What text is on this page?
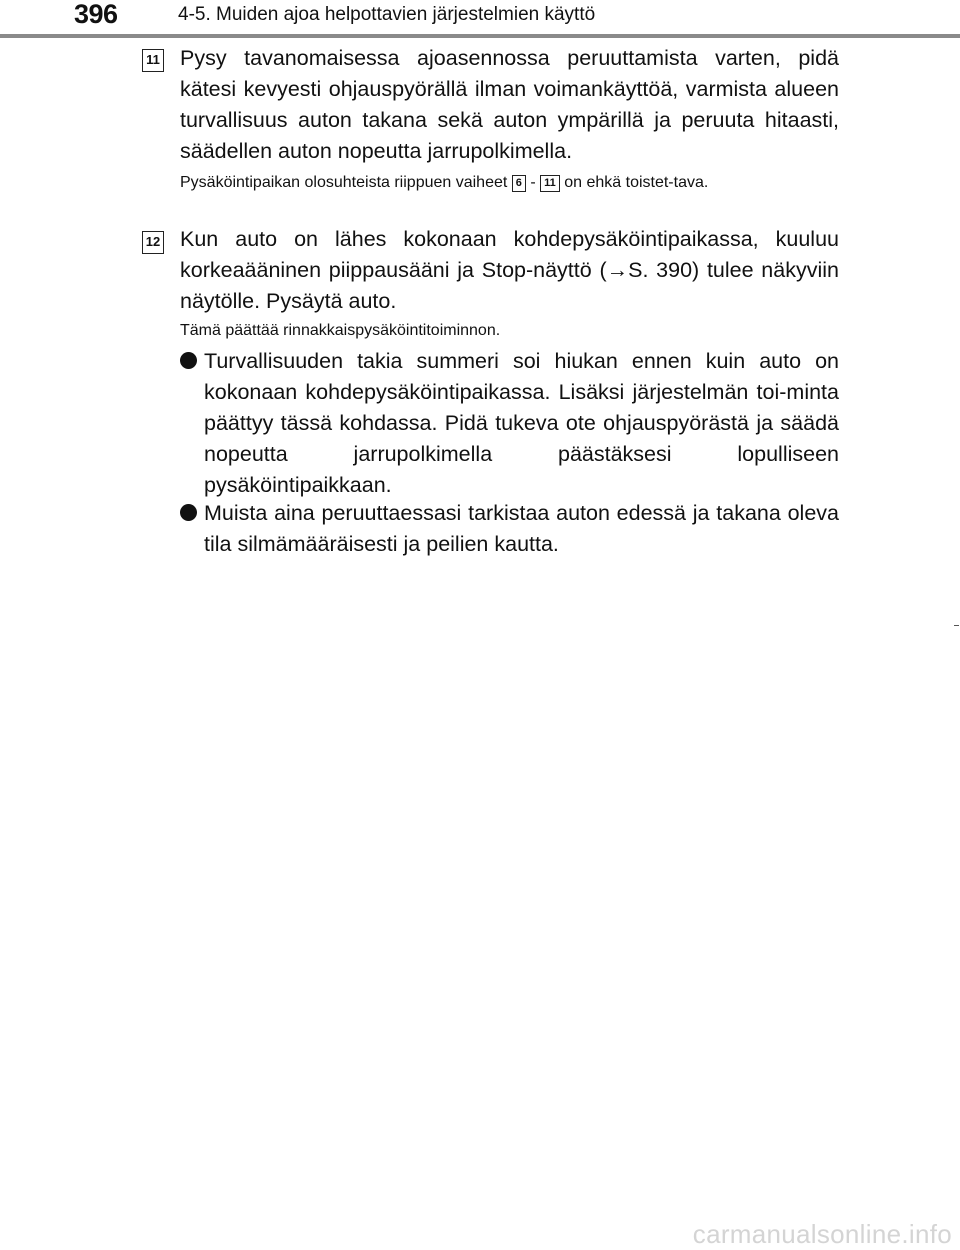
396	4-5. Muiden ajoa helpottavien järjestelmien käyttö
11 Pysy tavanomaisessa ajoasennossa peruuttamista varten, pidä kätesi kevyesti ohjauspyörällä ilman voimankäyttöä, varmista alueen turvallisuus auton takana sekä auton ympärillä ja peruuta hitaasti, säädellen auton nopeutta jarrupolkimella.
Pysäköintipaikan olosuhteista riippuen vaiheet 6 - 11 on ehkä toistet-tava.
12 Kun auto on lähes kokonaan kohdepysäköintipaikassa, kuuluu korkeaääninen piippausääni ja Stop-näyttö (→S. 390) tulee näkyviin näytölle. Pysäytä auto.
Tämä päättää rinnakkaispysäköintitoiminnon.
Turvallisuuden takia summeri soi hiukan ennen kuin auto on kokonaan kohdepysäköintipaikassa. Lisäksi järjestelmän toi-minta päättyy tässä kohdassa. Pidä tukeva ote ohjauspyörästä ja säädä nopeutta jarrupolkimella päästäksesi lopulliseen pysäköintipaikkaan.
Muista aina peruuttaessasi tarkistaa auton edessä ja takana oleva tila silmämääräisesti ja peilien kautta.
carmanualsonline.info
